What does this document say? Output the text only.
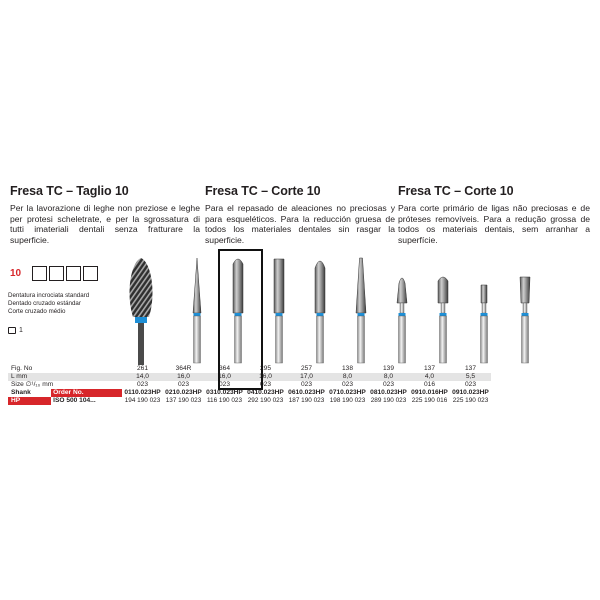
Fresa TC – Taglio 10

Per la lavorazione di leghe non preziose e leghe per protesi scheletrate, e per la sgrossatura di tutti imateriali dentali senza fratturare la superficie.

Fresa TC – Corte 10

Para el repasado de aleaciones no preciosas y para esqueléticos. Para la reducción gruesa de todos los materiales dentales sin rasgar la superficie.

Fresa TC – Corte 10

Para corte primário de ligas não preciosas e de próteses removíveis. Para a redução grossa de todos os materiais dentais, sem arranhar a superfície.

10
Dentatura incrociata standard
Dentado cruzado estándar
Corte cruzado médio
1
Fig. No		261	364R	364	295	257	138	139	137	137
L mm		14,0	16,0	16,0	16,0	17,0	8,0	8,0	4,0	5,5
Size ∅¹/₁₀ mm		023	023	023	023	023	023	023	016	023
Shank	Order No.	0110.023HP	0210.023HP	0310.023HP	0410.023HP	0610.023HP	0710.023HP	0810.023HP	0910.016HP	0910.023HP
HP	ISO 500 104...	194 190 023	137 190 023	116 190 023	292 190 023	187 190 023	198 190 023	289 190 023	225 190 016	225 190 023
